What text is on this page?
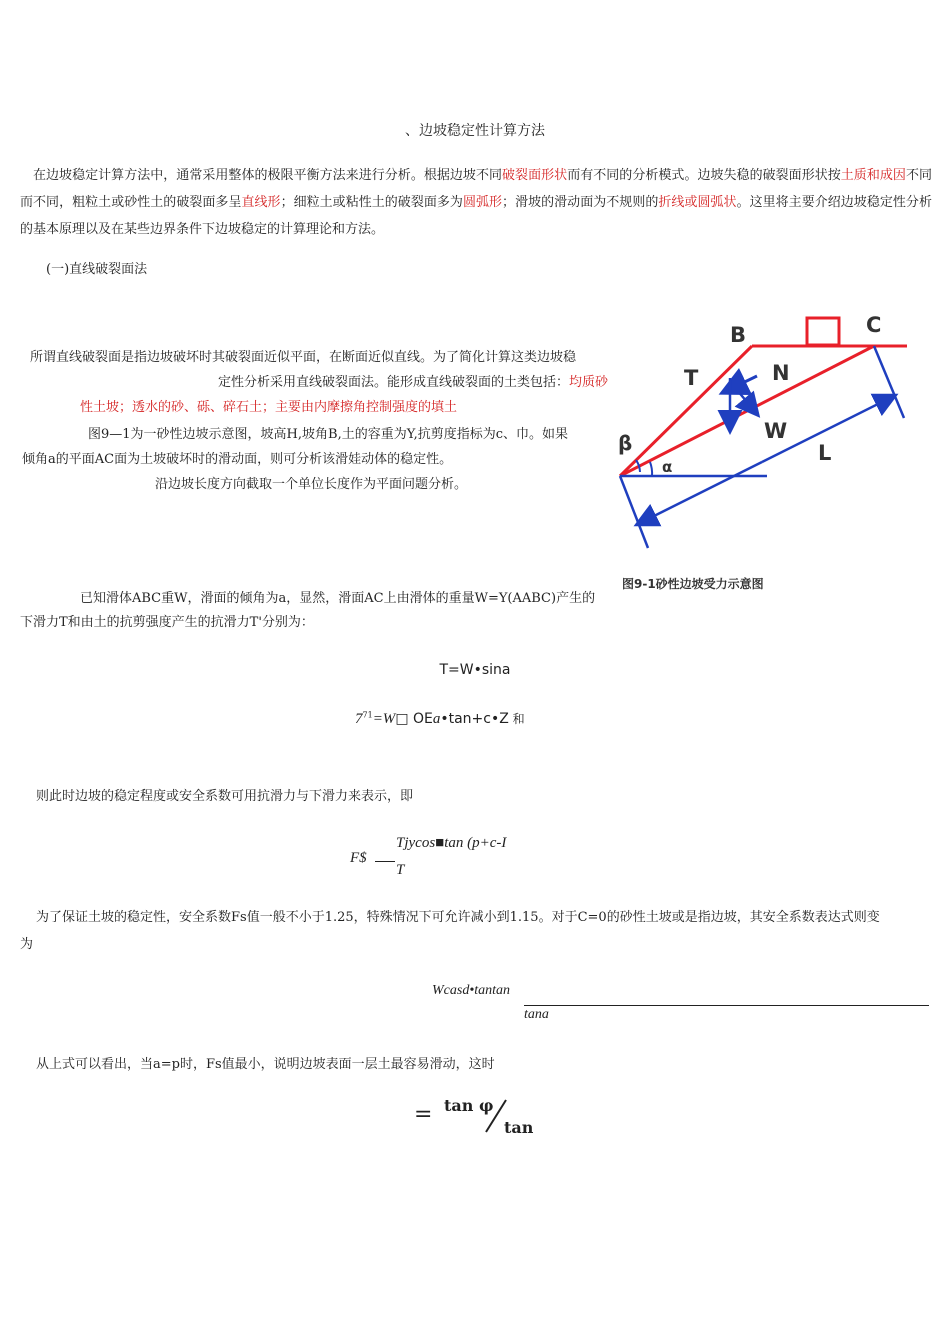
、边坡稳定性计算方法
在边坡稳定计算方法中，通常采用整体的极限平衡方法来进行分析。根据边坡不同破裂面形状而有不同的分析模式。边坡失稳的破裂面形状按土质和成因不同而不同，粗粒土或砂性土的破裂面多呈直线形；细粒土或粘性土的破裂面多为圆弧形；滑坡的滑动面为不规则的折线或圆弧状。这里将主要介绍边坡稳定性分析的基本原理以及在某些边界条件下边坡稳定的计算理论和方法。
(一)直线破裂面法
所谓直线破裂面是指边坡破坏时其破裂面近似平面，在断面近似直线。为了简化计算这类边坡稳
定性分析采用直线破裂面法。能形成直线破裂面的土类包括：均质砂
性土坡；透水的砂、砾、碎石土；主要由内摩擦角控制强度的填土
图9—1为一砂性边坡示意图，坡高H,坡角B,土的容重为Y,抗剪度指标为c、巾。如果
倾角a的平面AC面为土坡破坏时的滑动面，则可分析该滑娃动体的稳定性。
沿边坡长度方向截取一个单位长度作为平面问题分析。
已知滑体ABC重W，滑面的倾角为a，显然，滑面AC上由滑体的重量W=Y(AABC)产生的
下滑力T和由土的抗剪强度产生的抗滑力T'分别为：
B	C
T	N
W
L
β
α
图9-1砂性边坡受力示意图
T=W•sina
$7^{71}=W□$ OEa•tan+c•Z 和
则此时边坡的稳定程度或安全系数可用抗滑力与下滑力来表示，即
F$
Tjycos■tan (p+c-I
T
为了保证土坡的稳定性，安全系数Fs值一般不小于1.25，特殊情况下可允许减小到1.15。对于C=0的砂性土坡或是指边坡，其安全系数表达式则变
为
Wcasd•tantan
tana
从上式可以看出，当a=p时，Fs值最小，说明边坡表面一层土最容易滑动，这时
= tan φ
tan
